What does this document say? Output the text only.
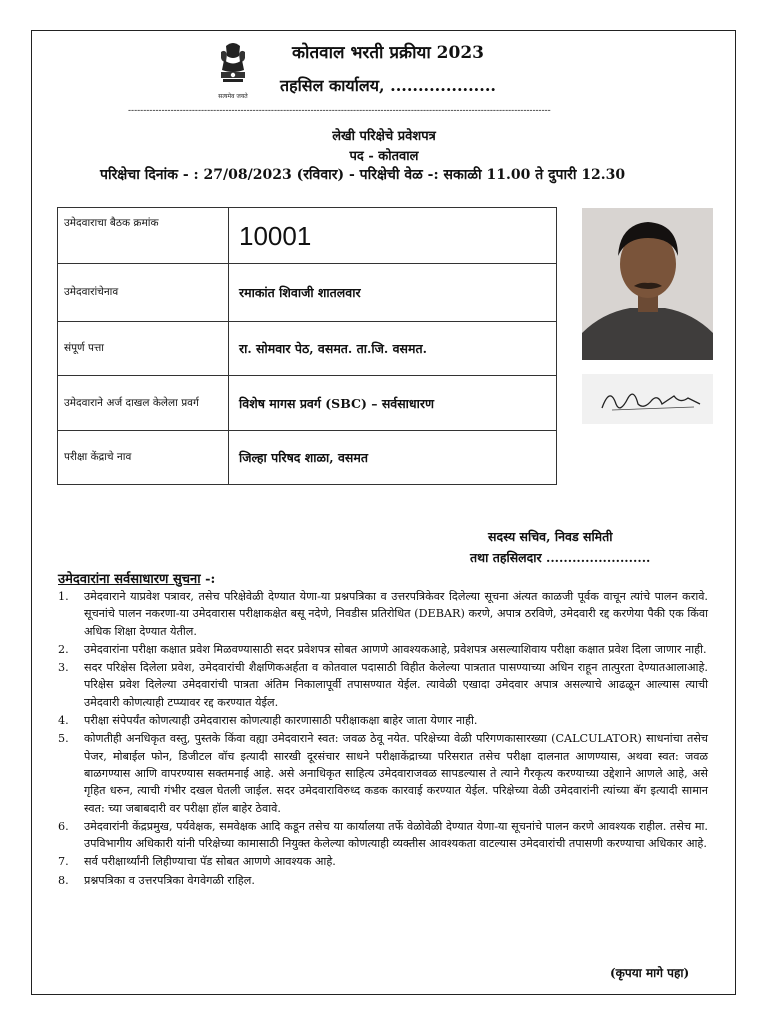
सत्यमेव जयते
कोतवाल भरती प्रक्रीया 2023
तहसिल कार्यालय, ...................
-------------------------------------------------------------------------------------------------------------------------------------------
लेखी परिक्षेचे प्रवेशपत्र
पद - कोतवाल
परिक्षेचा दिनांक - : 27/08/2023 (रविवार) - परिक्षेची वेळ -: सकाळी 11.00 ते दुपारी 12.30
उमेदवाराचा बैठक क्रमांक	10001
उमेदवारांचेनाव	रमाकांत शिवाजी शातलवार
संपूर्ण पत्ता	रा. सोमवार पेठ, वसमत. ता.जि. वसमत.
उमेदवाराने अर्ज दाखल केलेला प्रवर्ग	विशेष मागस प्रवर्ग (SBC) – सर्वसाधारण
परीक्षा केंद्राचे नाव	जिल्हा परिषद शाळा, वसमत
सदस्य सचिव, निवड समिती
तथा तहसिलदार ........................
उमेदवारांना सर्वसाधारण सुचना -:
1. उमेदवाराने याप्रवेश पत्रावर, तसेच परिक्षेवेळी देण्यात येणा-या प्रश्नपत्रिका व उत्तरपत्रिकेवर दिलेल्या सूचना अंत्यत काळजी पूर्वक वाचून त्यांचे पालन करावे. सूचनांचे पालन नकरणा-या उमेदवारास परीक्षाकक्षेत बसू नदेणे, निवडीस प्रतिरोधित (DEBAR) करणे, अपात्र ठरविणे, उमेदवारी रद्द करणेया पैकी एक किंवा अधिक शिक्षा देण्यात येतील.
2. उमेदवारांना परीक्षा कक्षात प्रवेश मिळवण्यासाठी सदर प्रवेशपत्र सोबत आणणे आवश्यकआहे, प्रवेशपत्र असल्याशिवाय परीक्षा कक्षात प्रवेश दिला जाणार नाही.
3. सदर परिक्षेस दिलेला प्रवेश, उमेदवारांची शैक्षणिकअर्हता व कोतवाल पदासाठी विहीत केलेल्या पात्रतात पासण्याच्या अधिन राहून तात्पुरता देण्यातआलाआहे. परिक्षेस प्रवेश दिलेल्या उमेदवारांची पात्रता अंतिम निकालापूर्वी तपासण्यात येईल. त्यावेळी एखादा उमेदवार अपात्र असल्याचे आढळून आल्यास त्याची उमेदवारी कोणत्याही टप्प्यावर रद्द करण्यात येईल.
4. परीक्षा संपेपर्यंत कोणत्याही उमेदवारास कोणत्याही कारणासाठी परीक्षाकक्षा बाहेर जाता येणार नाही.
5. कोणतीही अनधिकृत वस्तु, पुस्तके किंवा वह्या उमेदवाराने स्वत: जवळ ठेवू नयेत. परिक्षेच्या वेळी परिगणकासारख्या (CALCULATOR) साधनांचा तसेच पेजर, मोबाईल फोन, डिजीटल वॉच इत्यादी सारखी दूरसंचार साधने परीक्षाकेंद्राच्या परिसरात तसेच परीक्षा दालनात आणण्यास, अथवा स्वत: जवळ बाळगण्यास आणि वापरण्यास सक्तमनाई आहे. असे अनाधिकृत साहित्य उमेदवाराजवळ सापडल्यास ते त्याने गैरकृत्य करण्याच्या उद्देशाने आणले आहे, असे गृहित धरुन, त्याची गंभीर दखल घेतली जाईल. सदर उमेदवाराविरुध्द कडक कारवाई करण्यात येईल. परिक्षेच्या वेळी उमेदवारांनी त्यांच्या बॅग इत्यादी सामान स्वत: च्या जबाबदारी वर परीक्षा हॉल बाहेर ठेवावे.
6. उमेदवारांनी केंद्रप्रमुख, पर्यवेक्षक, समवेक्षक आदि कडून तसेच या कार्यालया तर्फे वेळोवेळी देण्यात येणा-या सूचनांचे पालन करणे आवश्यक राहील. तसेच मा. उपविभागीय अधिकारी यांनी परिक्षेच्या कामासाठी नियुक्त केलेल्या कोणत्याही व्यक्तीस आवश्यकता वाटल्यास उमेदवारांची तपासणी करण्याचा अधिकार आहे.
7. सर्व परीक्षार्थ्यांनी लिहीण्याचा पॅड सोबत आणणे आवश्यक आहे.
8. प्रश्नपत्रिका व उत्तरपत्रिका वेगवेगळी राहिल.
(कृपया मागे पहा)
